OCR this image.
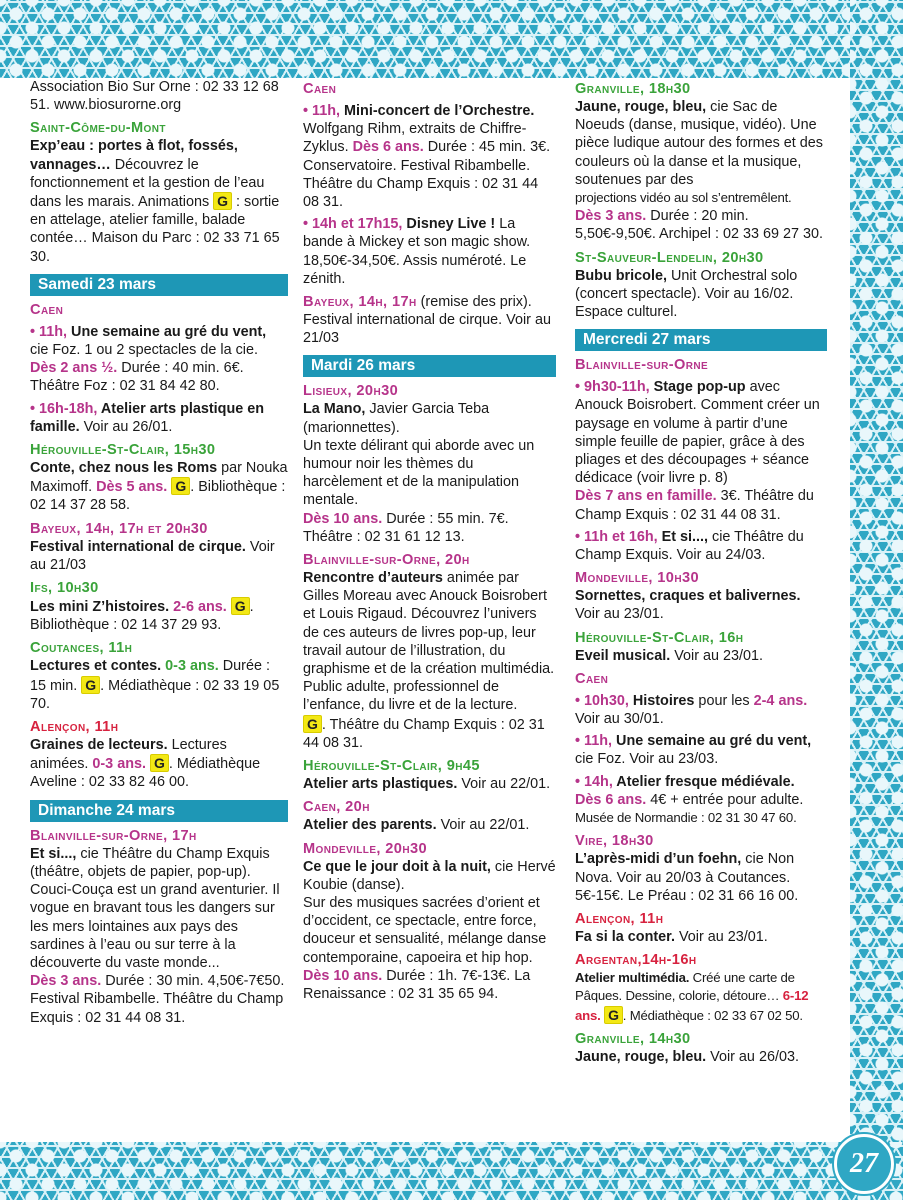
Association Bio Sur Orne : 02 33 12 68 51. www.biosurorne.org

Saint-Côme-du-Mont

Exp’eau : portes à flot, fossés, vannages… Découvrez le fonctionnement et la gestion de l’eau dans les marais. Animations G : sortie en attelage, atelier famille, balade contée… Maison du Parc : 02 33 71 65 30.

Samedi 23 mars
Caen

• 11h, Une semaine au gré du vent, cie Foz. 1 ou 2 spectacles de la cie. Dès 2 ans ½. Durée : 40 min. 6€. Théâtre Foz : 02 31 84 42 80.

• 16h-18h, Atelier arts plastique en famille. Voir au 26/01.

Hérouville-St-Clair, 15h30

Conte, chez nous les Roms par Nouka Maximoff. Dès 5 ans. G . Bibliothèque : 02 14 37 28 58.

Bayeux, 14h, 17h et 20h30

Festival international de cirque. Voir au 21/03

Ifs, 10h30

Les mini Z’histoires. 2-6 ans. G . Bibliothèque : 02 14 37 29 93.

Coutances, 11h

Lectures et contes. 0-3 ans. Durée : 15 min. G . Médiathèque : 02 33 19 05 70.

Alençon, 11h

Graines de lecteurs. Lectures animées. 0-3 ans. G . Médiathèque Aveline : 02 33 82 46 00.

Dimanche 24 mars
Blainville-sur-Orne, 17h

Et si..., cie Théâtre du Champ Exquis (théâtre, objets de papier, pop-up).

Couci-Couça est un grand aventurier. Il vogue en bravant tous les dangers sur les mers lointaines aux pays des sardines à l’eau ou sur terre à la découverte du vaste monde...

Dès 3 ans. Durée : 30 min. 4,50€-7€50. Festival Ribambelle. Théâtre du Champ Exquis : 02 31 44 08 31.

Caen

• 11h, Mini-concert de l’Orchestre. Wolfgang Rihm, extraits de Chiffre-Zyklus. Dès 6 ans. Durée : 45 min. 3€. Conservatoire. Festival Ribambelle. Théâtre du Champ Exquis : 02 31 44 08 31.

• 14h et 17h15, Disney Live ! La bande à Mickey et son magic show. 18,50€-34,50€. Assis numéroté. Le zénith.

Bayeux, 14h, 17h (remise des prix).

Festival international de cirque. Voir au 21/03

Mardi 26 mars
Lisieux, 20h30

La Mano, Javier Garcia Teba (marionnettes).

Un texte délirant qui aborde avec un humour noir les thèmes du harcèlement et de la manipulation mentale.

Dès 10 ans. Durée : 55 min. 7€. Théâtre : 02 31 61 12 13.

Blainville-sur-Orne, 20h

Rencontre d’auteurs animée par Gilles Moreau avec Anouck Boisrobert et Louis Rigaud. Découvrez l’univers de ces auteurs de livres pop-up, leur travail autour de l’illustration, du graphisme et de la création multimédia.

Public adulte, professionnel de l’enfance, du livre et de la lecture.

G . Théâtre du Champ Exquis : 02 31 44 08 31.

Hérouville-St-Clair, 9h45

Atelier arts plastiques. Voir au 22/01.

Caen, 20h

Atelier des parents. Voir au 22/01.

Mondeville, 20h30

Ce que le jour doit à la nuit, cie Hervé Koubie (danse).

Sur des musiques sacrées d’orient et d’occident, ce spectacle, entre force, douceur et sensualité, mélange danse contemporaine, capoeira et hip hop.

Dès 10 ans. Durée : 1h. 7€-13€. La Renaissance : 02 31 35 65 94.

Granville, 18h30

Jaune, rouge, bleu, cie Sac de Noeuds (danse, musique, vidéo). Une pièce ludique autour des formes et des couleurs où la danse et la musique, soutenues par des

projections vidéo au sol s’entremêlent.

Dès 3 ans. Durée : 20 min. 5,50€-9,50€. Archipel : 02 33 69 27 30.

St-Sauveur-Lendelin, 20h30

Bubu bricole, Unit Orchestral solo (concert spectacle). Voir au 16/02. Espace culturel.

Mercredi 27 mars
Blainville-sur-Orne

• 9h30-11h, Stage pop-up avec Anouck Boisrobert. Comment créer un paysage en volume à partir d’une simple feuille de papier, grâce à des pliages et des découpages + séance dédicace (voir livre p. 8)

Dès 7 ans en famille. 3€. Théâtre du Champ Exquis : 02 31 44 08 31.

• 11h et 16h, Et si..., cie Théâtre du Champ Exquis. Voir au 24/03.

Mondeville, 10h30

Sornettes, craques et balivernes. Voir au 23/01.

Hérouville-St-Clair, 16h

Eveil musical. Voir au 23/01.

Caen

• 10h30, Histoires pour les 2-4 ans. Voir au 30/01.

• 11h, Une semaine au gré du vent, cie Foz. Voir au 23/03.

• 14h, Atelier fresque médiévale.

Dès 6 ans. 4€ + entrée pour adulte.

Musée de Normandie : 02 31 30 47 60.

Vire, 18h30

L’après-midi d’un foehn, cie Non Nova. Voir au 20/03 à Coutances. 5€-15€. Le Préau : 02 31 66 16 00.

Alençon, 11h

Fa si la conter. Voir au 23/01.

Argentan,14h-16h

Atelier multimédia. Créé une carte de Pâques. Dessine, colorie, détoure… 6-12 ans. G . Médiathèque : 02 33 67 02 50.

Granville, 14h30

Jaune, rouge, bleu. Voir au 26/03.

27
